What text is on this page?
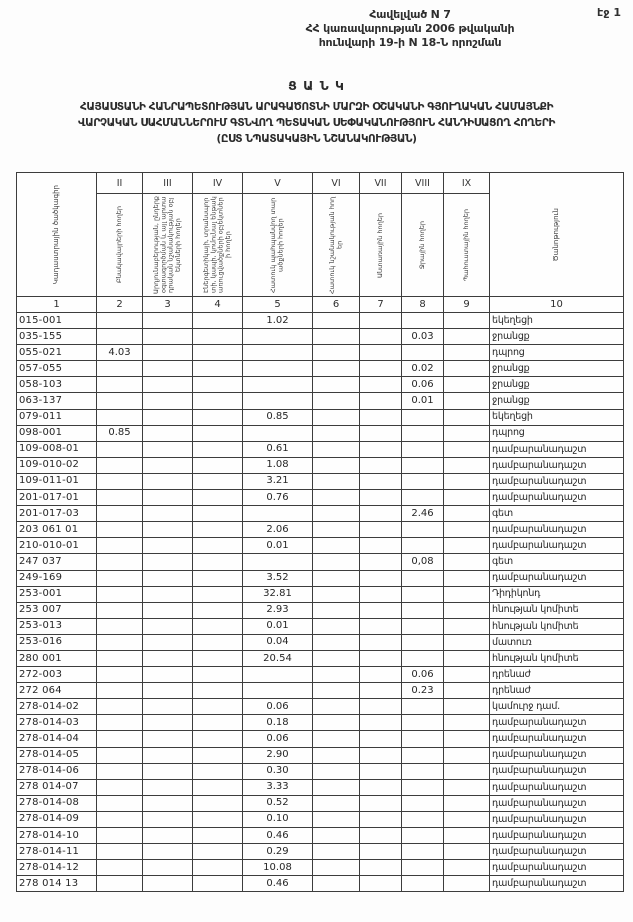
էջ 1
Հավելված N 7
ՀՀ կառավարության 2006 թվականի
հունվարի 19-ի N 18-Ն որոշման
Ց Ա Ն Կ
ՀԱՅԱՍՏԱՆԻ ՀԱՆՐԱՊԵՏՈՒԹՅԱՆ ԱՐԱԳԱԾՈՏՆԻ ՄԱՐԶԻ ՕՇԱԿԱՆԻ ԳՅՈՒՂԱԿԱՆ ՀԱՄԱՅՆՔԻ
ՎԱՐՉԱԿԱՆ ՍԱՀՄԱՆՆԵՐՈՒՄ ԳՏՆՎՈՂ ՊԵՏԱԿԱՆ ՍԵՓԱԿԱՆՈՒԹՅՈՒՆ ՀԱՆԴԻՍԱՑՈՂ ՀՈՂԵՐԻ
(ԸՍՏ ՆՊԱՏԱԿԱՅԻՆ ՆՇԱՆԱԿՈՒԹՅԱՆ)
Կադաստրային ծածկագիր	II	III	IV	V	VI	VII	VIII	IX	Ծանոթություն

	Բնակավայրերի հողեր	Արդյունաբերության, ընդերքօգտագործման և այլ արտադրական նշանակության օբյեկտների հողեր	Էներգետիկայի, տրանսպորտի, կապի, կոմունալ ենթակառուցվածքների օբյեկտների հողեր	Հատուկ պահպանվող տարածքների հողեր	Հատուկ նշանակության հողեր	Անտառային հողեր	Ջրային հողեր	Պահուստային հողեր	

1	2	3	4	5	6	7	8	9	10
015-001				1.02					եկեղեցի
035-155							0.03		ջրանցք
055-021	4.03								դպրոց
057-055							0.02		ջրանցք
058-103							0.06		ջրանցք
063-137							0.01		ջրանցք
079-011				0.85					եկեղեցի
098-001	0.85								դպրոց
109-008-01				0.61					դամբարանադաշտ
109-010-02				1.08					դամբարանադաշտ
109-011-01				3.21					դամբարանադաշտ
201-017-01				0.76					դամբարանադաշտ
201-017-03							2.46		գետ
203 061 01				2.06					դամբարանադաշտ
210-010-01				0.01					դամբարանադաշտ
247 037							0,08		գետ
249-169				3.52					դամբարանադաշտ
253-001				32.81					Դիդիկոնդ
253 007				2.93					հնության կոմիտե
253-013				0.01					հնության կոմիտե
253-016				0.04					մատուռ
280 001				20.54					հնության կոմիտե
272-003							0.06		դրենաժ
272 064							0.23		դրենաժ
278-014-02				0.06					կամուրջ դամ.
278-014-03				0.18					դամբարանադաշտ
278-014-04				0.06					դամբարանադաշտ
278-014-05				2.90					դամբարանադաշտ
278-014-06				0.30					դամբարանադաշտ
278 014-07				3.33					դամբարանադաշտ
278-014-08				0.52					դամբարանադաշտ
278-014-09				0.10					դամբարանադաշտ
278-014-10				0.46					դամբարանադաշտ
278-014-11				0.29					դամբարանադաշտ
278-014-12				10.08					դամբարանադաշտ
278 014 13				0.46					դամբարանադաշտ
